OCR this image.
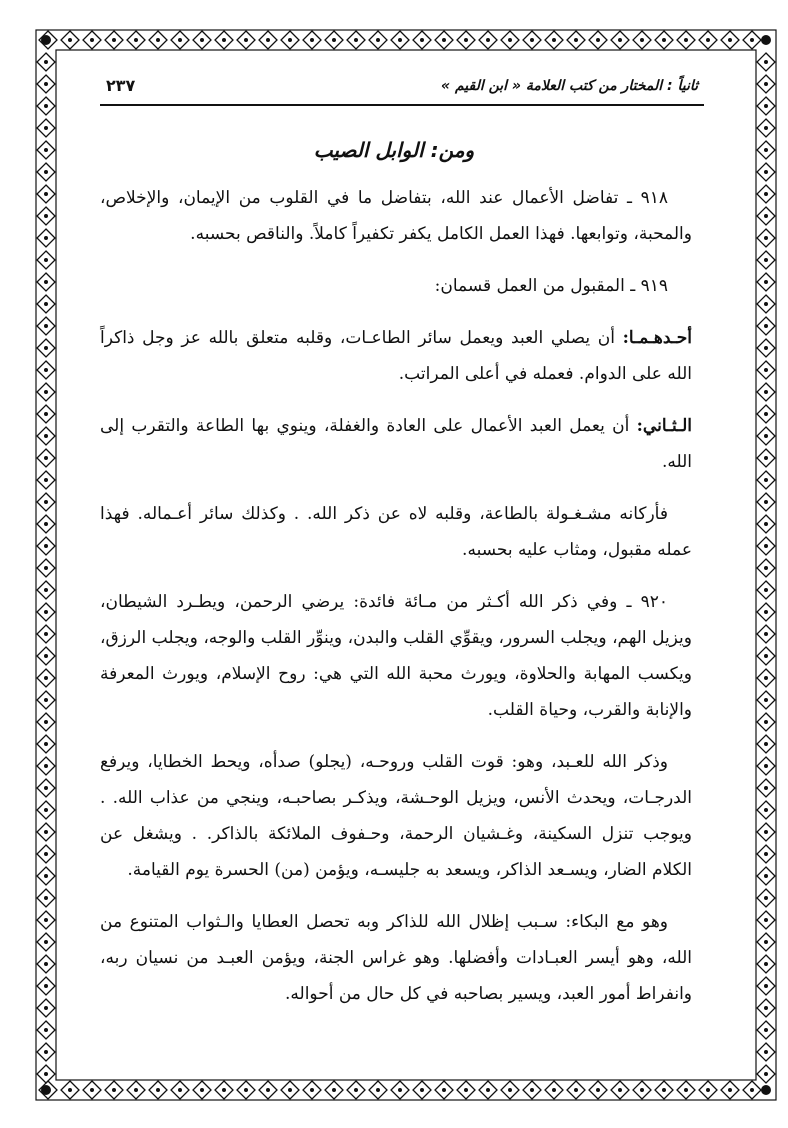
ثانياً : المختار من كتب العلامة « ابن القيم »
٢٣٧
ومن: الوابل الصيب

٩١٨ ـ تفاضل الأعمال عند الله، بتفاضل ما في القلوب من الإيمان، والإخلاص، والمحبة، وتوابعها. فهذا العمل الكامل يكفر تكفيراً كاملاً. والناقص بحسبه.

٩١٩ ـ المقبول من العمل قسمان:

أحـدهـمـا: أن يصلي العبد ويعمل سائر الطاعـات، وقلبه متعلق بالله عز وجل ذاكراً الله على الدوام. فعمله في أعلى المراتب.

الـثـاني: أن يعمل العبد الأعمال على العادة والغفلة، وينوي بها الطاعة والتقرب إلى الله.

فأركانه مشـغـولة بالطاعة، وقلبه لاه عن ذكر الله. . وكذلك سائر أعـماله. فهذا عمله مقبول، ومثاب عليه بحسبه.

٩٢٠ ـ وفي ذكر الله أكـثر من مـائة فائدة: يرضي الرحمن، ويطـرد الشيطان، ويزيل الهم، ويجلب السرور، ويقوِّي القلب والبدن، وينوِّر القلب والوجه، ويجلب الرزق، ويكسب المهابة والحلاوة، ويورث محبة الله التي هي: روح الإسلام، ويورث المعرفة والإنابة والقرب، وحياة القلب.

وذكر الله للعـبد، وهو: قوت القلب وروحـه، (يجلو) صدأه، ويحط الخطايا، ويرفع الدرجـات، ويحدث الأنس، ويزيل الوحـشة، ويذكـر بصاحبـه، وينجي من عذاب الله. . ويوجب تنزل السكينة، وغـشيان الرحمة، وحـفوف الملائكة بالذاكر. . ويشغل عن الكلام الضار، ويسـعد الذاكر، ويسعد به جليسـه، ويؤمن (من) الحسرة يوم القيامة.

وهو مع البكاء: سـبب إظلال الله للذاكر وبه تحصل العطايا والـثواب المتنوع من الله، وهو أيسر العبـادات وأفضلها. وهو غراس الجنة، ويؤمن العبـد من نسيان ربه، وانفراط أمور العبد، ويسير بصاحبه في كل حال من أحواله.
